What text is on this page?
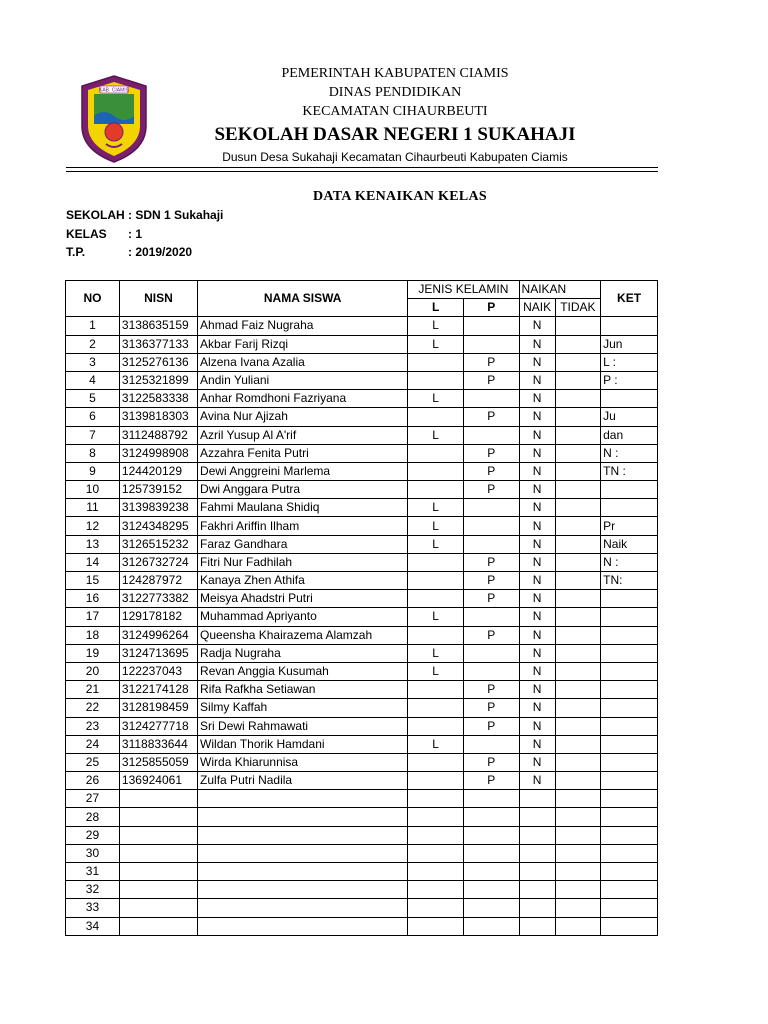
KAB. CIAMIS
PEMERINTAH KABUPATEN CIAMIS
DINAS PENDIDIKAN
KECAMATAN CIHAURBEUTI
SEKOLAH DASAR NEGERI 1 SUKAHAJI
Dusun Desa Sukahaji Kecamatan Cihaurbeuti Kabupaten Ciamis
DATA KENAIKAN KELAS
SEKOLAH : SDN 1 Sukahaji
KELAS : 1
T.P.	: 2019/2020
NO	NISN	NAMA SISWA	JENIS KELAMIN		NAIKAN		KET
			L	P	NAIK	TIDAK	
1	3138635159	Ahmad Faiz Nugraha	L		N		
2	3136377133	Akbar Farij Rizqi	L		N		Jun
3	3125276136	Alzena Ivana Azalia		P	N		L :
4	3125321899	Andin Yuliani		P	N		P :
5	3122583338	Anhar Romdhoni Fazriyana	L		N		
6	3139818303	Avina Nur Ajizah		P	N		Ju
7	3112488792	Azril Yusup Al A'rif	L		N		dan
8	3124998908	Azzahra Fenita Putri		P	N		N :
9	124420129	Dewi Anggreini Marlema		P	N		TN :
10	125739152	Dwi Anggara Putra		P	N		
11	3139839238	Fahmi Maulana Shidiq	L		N		
12	3124348295	Fakhri Ariffin Ilham	L		N		Pr
13	3126515232	Faraz Gandhara	L		N		Naik
14	3126732724	Fitri Nur Fadhilah		P	N		N :
15	124287972	Kanaya Zhen Athifa		P	N		TN:
16	3122773382	Meisya Ahadstri Putri		P	N		
17	129178182	Muhammad Apriyanto	L		N		
18	3124996264	Queensha Khairazema Alamzah		P	N		
19	3124713695	Radja Nugraha	L		N		
20	122237043	Revan Anggia Kusumah	L		N		
21	3122174128	Rifa Rafkha Setiawan		P	N		
22	3128198459	Silmy Kaffah		P	N		
23	3124277718	Sri Dewi Rahmawati		P	N		
24	3118833644	Wildan Thorik Hamdani	L		N		
25	3125855059	Wirda Khiarunnisa		P	N		
26	136924061	Zulfa Putri Nadila		P	N		
27							
28							
29							
30							
31							
32							
33							
34							
